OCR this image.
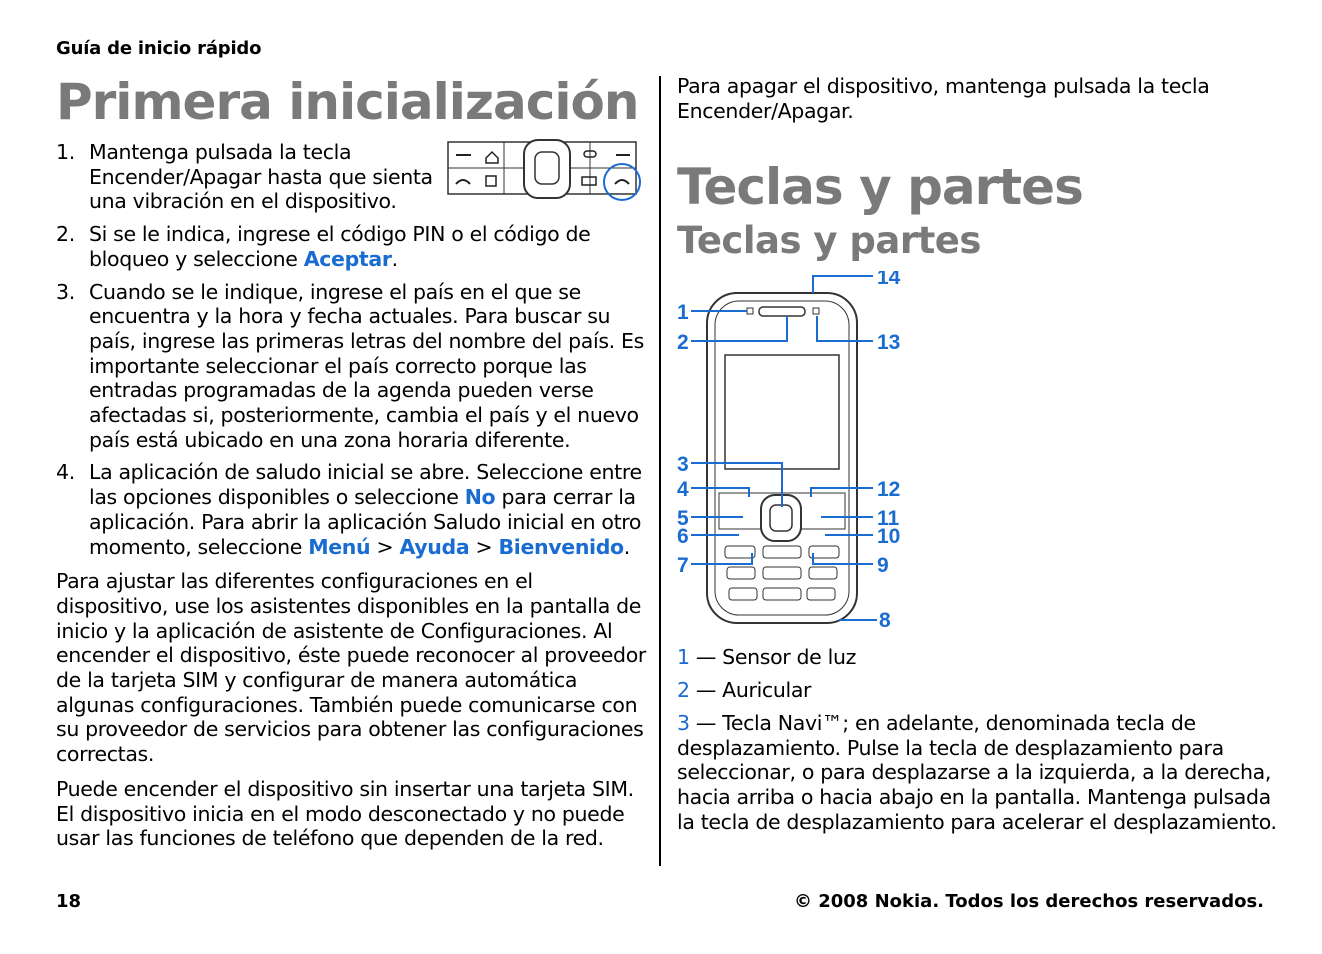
Guía de inicio rápido
Primera inicialización
1. Mantenga pulsada la tecla Encender/Apagar hasta que sienta una vibración en el dispositivo.
2. Si se le indica, ingrese el código PIN o el código de bloqueo y seleccione Aceptar.
3. Cuando se le indique, ingrese el país en el que se encuentra y la hora y fecha actuales. Para buscar su país, ingrese las primeras letras del nombre del país. Es importante seleccionar el país correcto porque las entradas programadas de la agenda pueden verse afectadas si, posteriormente, cambia el país y el nuevo país está ubicado en una zona horaria diferente.
4. La aplicación de saludo inicial se abre. Seleccione entre las opciones disponibles o seleccione No para cerrar la aplicación. Para abrir la aplicación Saludo inicial en otro momento, seleccione Menú > Ayuda > Bienvenido.

Para ajustar las diferentes configuraciones en el dispositivo, use los asistentes disponibles en la pantalla de inicio y la aplicación de asistente de Configuraciones. Al encender el dispositivo, éste puede reconocer al proveedor de la tarjeta SIM y configurar de manera automática algunas configuraciones. También puede comunicarse con su proveedor de servicios para obtener las configuraciones correctas.

Puede encender el dispositivo sin insertar una tarjeta SIM. El dispositivo inicia en el modo desconectado y no puede usar las funciones de teléfono que dependen de la red.

Para apagar el dispositivo, mantenga pulsada la tecla Encender/Apagar.

Teclas y partes
Teclas y partes
1
2
3
4
5
6
7
8
9
10
11
12
13
14

1 — Sensor de luz

2 — Auricular

3 — Tecla Navi™; en adelante, denominada tecla de desplazamiento. Pulse la tecla de desplazamiento para seleccionar, o para desplazarse a la izquierda, a la derecha, hacia arriba o hacia abajo en la pantalla. Mantenga pulsada la tecla de desplazamiento para acelerar el desplazamiento.

18	© 2008 Nokia. Todos los derechos reservados.
